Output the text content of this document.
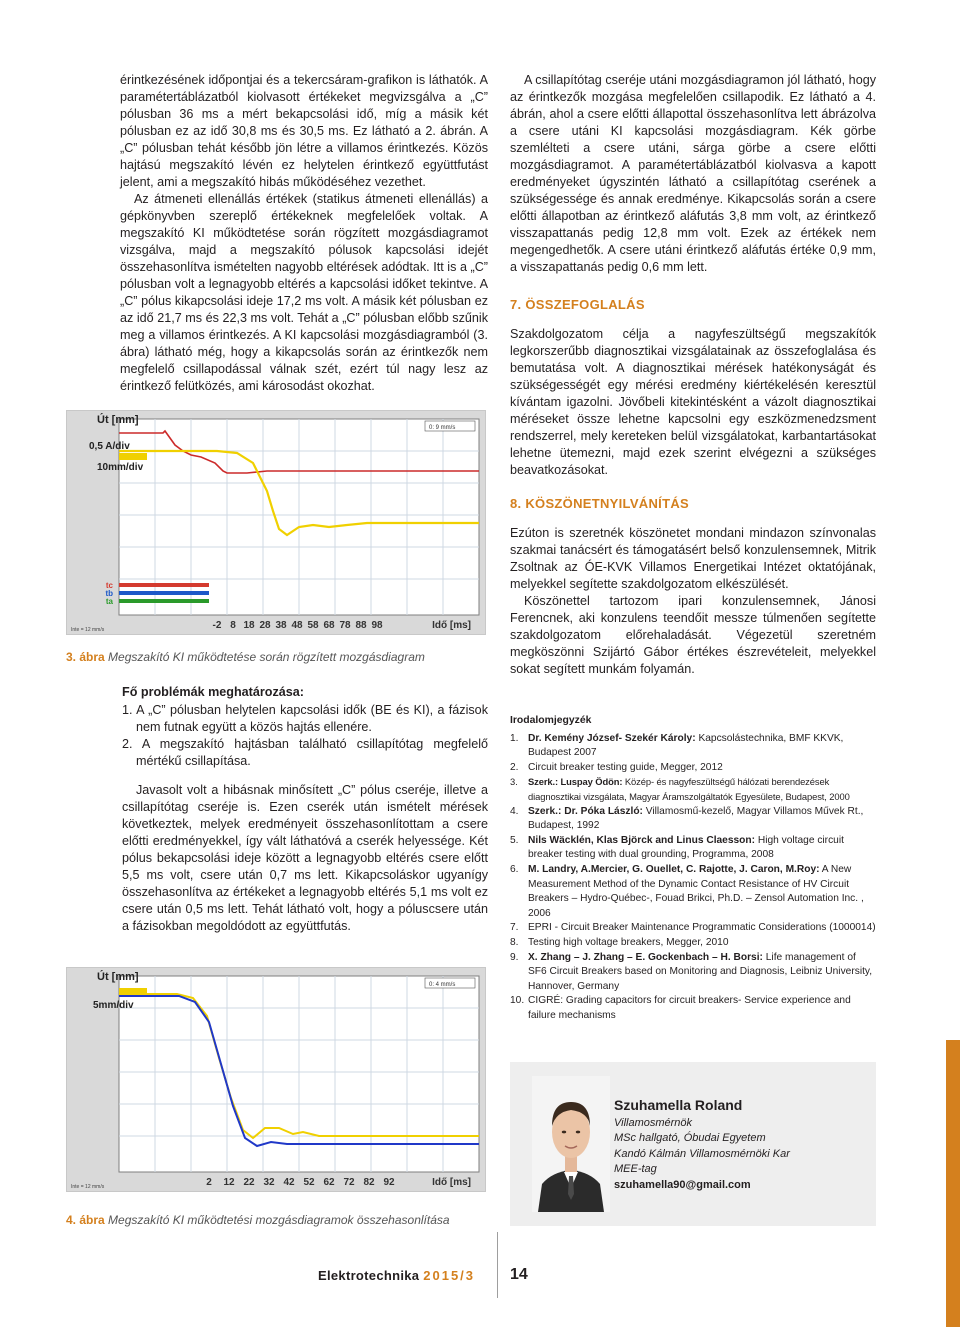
érintkezésének időpontjai és a tekercsáram-grafikon is láthatók. A paramétertáblázatból kiolvasott értékeket megvizsgálva a „C” pólusban 36 ms a mért bekapcsolási idő, míg a másik két pólusban ez az idő 30,8 ms és 30,5 ms. Ez látható a 2. ábrán. A „C” pólusban tehát később jön létre a villamos érintkezés. Közös hajtású megszakító lévén ez helytelen érintkező együttfutást jelent, ami a megszakító hibás működéséhez vezethet.

Az átmeneti ellenállás értékek (statikus átmeneti ellenállás) a gépkönyvben szereplő értékeknek megfelelőek voltak. A megszakító KI működtetése során rögzített mozgásdiagramot vizsgálva, majd a megszakító pólusok kapcsolási idejét összehasonlítva ismételten nagyobb eltérések adódtak. Itt is a „C” pólusban volt a legnagyobb eltérés a kapcsolási időket tekintve. A „C” pólus kikapcsolási ideje 17,2 ms volt. A másik két pólusban ez az idő 21,7 ms és 22,3 ms volt. Tehát a „C” pólusban előbb szűnik meg a villamos érintkezés. A KI kapcsolási mozgásdiagramból (3. ábra) látható még, hogy a kikapcsolás során az érintkezők nem megfelelő csillapodással válnak szét, ezért túl nagy lesz az érintkező felütközés, ami károsodást okozhat.

0: 9 mm/s
Út [mm]
0,5 A/div
10mm/div
tc
tb
ta
-2 8 18 28 38 48 58 68 78 88 98	Idő [ms]
Inte = 12 mm/s
3. ábra Megszakító KI működtetése során rögzített mozgásdiagram
Fő problémák meghatározása:
1. A „C” pólusban helytelen kapcsolási idők (BE és KI), a fázisok nem futnak együtt a közös hajtás ellenére.
2. A megszakító hajtásban található csillapítótag megfelelő mértékű csillapítása.

Javasolt volt a hibásnak minősített „C” pólus cseréje, illetve a csillapítótag cseréje is. Ezen cserék után ismételt mérések következtek, melyek eredményeit összehasonlítottam a csere előtti eredményekkel, így vált láthatóvá a cserék helyessége. Két pólus bekapcsolási ideje között a legnagyobb eltérés csere előtt 5,5 ms volt, csere után 0,7 ms lett. Kikapcsoláskor ugyanígy összehasonlítva az értékeket a legnagyobb eltérés 5,1 ms volt ez csere után 0,5 ms lett. Tehát látható volt, hogy a póluscsere után a fázisokban megoldódott az együttfutás.

0: 4 mm/s
Út [mm]
5mm/div
2 12 22 32 42 52 62 72 82 92	Idő [ms]
Inte = 12 mm/s
4. ábra Megszakító KI működtetési mozgásdiagramok összehasonlítása

A csillapítótag cseréje utáni mozgásdiagramon jól látható, hogy az érintkezők mozgása megfelelően csillapodik. Ez látható a 4. ábrán, ahol a csere előtti állapottal összehasonlítva lett ábrázolva a csere utáni KI kapcsolási mozgásdiagram. Kék görbe szemlélteti a csere utáni, sárga görbe a csere előtti mozgásdiagramot. A paramétertáblázatból kiolvasva a kapott eredményeket úgyszintén látható a csillapítótag cserének a szükségessége és annak eredménye. Kikapcsolás során a csere előtti állapotban az érintkező aláfutás 3,8 mm volt, az érintkező visszapattanás pedig 12,8 mm volt. Ezek az értékek nem megengedhetők. A csere utáni érintkező aláfutás értéke 0,9 mm, a visszapattanás pedig 0,6 mm lett.

7. ÖSSZEFOGLALÁS

Szakdolgozatom célja a nagyfeszültségű megszakítók legkorszerűbb diagnosztikai vizsgálatainak az összefoglalása és bemutatása volt. A diagnosztikai mérések hatékonyságát és szükségességét egy mérési eredmény kiértékelésén keresztül kívántam igazolni. Jövőbeli kitekintésként a vázolt diagnosztikai méréseket össze lehetne kapcsolni egy eszközmenedzsment rendszerrel, mely kereteken belül vizsgálatokat, karbantartásokat lehetne ütemezni, majd ezek szerint elvégezni a szükséges beavatkozásokat.

8. KÖSZÖNETNYILVÁNÍTÁS

Ezúton is szeretnék köszönetet mondani mindazon színvonalas szakmai tanácsért és támogatásért belső konzulensemnek, Mitrik Zsoltnak az ÓE-KVK Villamos Energetikai Intézet oktatójának, melyekkel segítette szakdolgozatom elkészülését.

Köszönettel tartozom ipari konzulensemnek, Jánosi Ferencnek, aki konzulens teendőit messze túlmenően segítette szakdolgozatom előrehaladását. Végezetül szeretném megköszönni Szijártó Gábor értékes észrevételeit, melyekkel sokat segített munkám folyamán.

Irodalomjegyzék
1. Dr. Kemény József- Szekér Károly: Kapcsolástechnika, BMF KKVK, Budapest 2007
2. Circuit breaker testing guide, Megger, 2012
3. Szerk.: Luspay Ödön: Közép- és nagyfeszültségű hálózati berendezések diagnosztikai vizsgálata, Magyar Áramszolgáltatók Egyesülete, Budapest, 2000
4. Szerk.: Dr. Póka László: Villamosmű-kezelő, Magyar Villamos Művek Rt., Budapest, 1992
5. Nils Wäcklén, Klas Björck and Linus Claesson: High voltage circuit breaker testing with dual grounding, Programma, 2008
6. M. Landry, A.Mercier, G. Ouellet, C. Rajotte, J. Caron, M.Roy: A New Measurement Method of the Dynamic Contact Resistance of HV Circuit Breakers – Hydro-Québec-, Fouad Brikci, Ph.D. – Zensol Automation Inc. , 2006
7. EPRI - Circuit Breaker Maintenance Programmatic Considerations (1000014)
8. Testing high voltage breakers, Megger, 2010
9. X. Zhang – J. Zhang – E. Gockenbach – H. Borsi: Life management of SF6 Circuit Breakers based on Monitoring and Diagnosis, Leibniz University, Hannover, Germany
10. CIGRÉ: Grading capacitors for circuit breakers- Service experience and failure mechanisms
Szuhamella Roland
Villamosmérnök
MSc hallgató, Óbudai Egyetem
Kandó Kálmán Villamosmérnöki Kar
MEE-tag
szuhamella90@gmail.com
Elektrotechnika 2015/3 14
